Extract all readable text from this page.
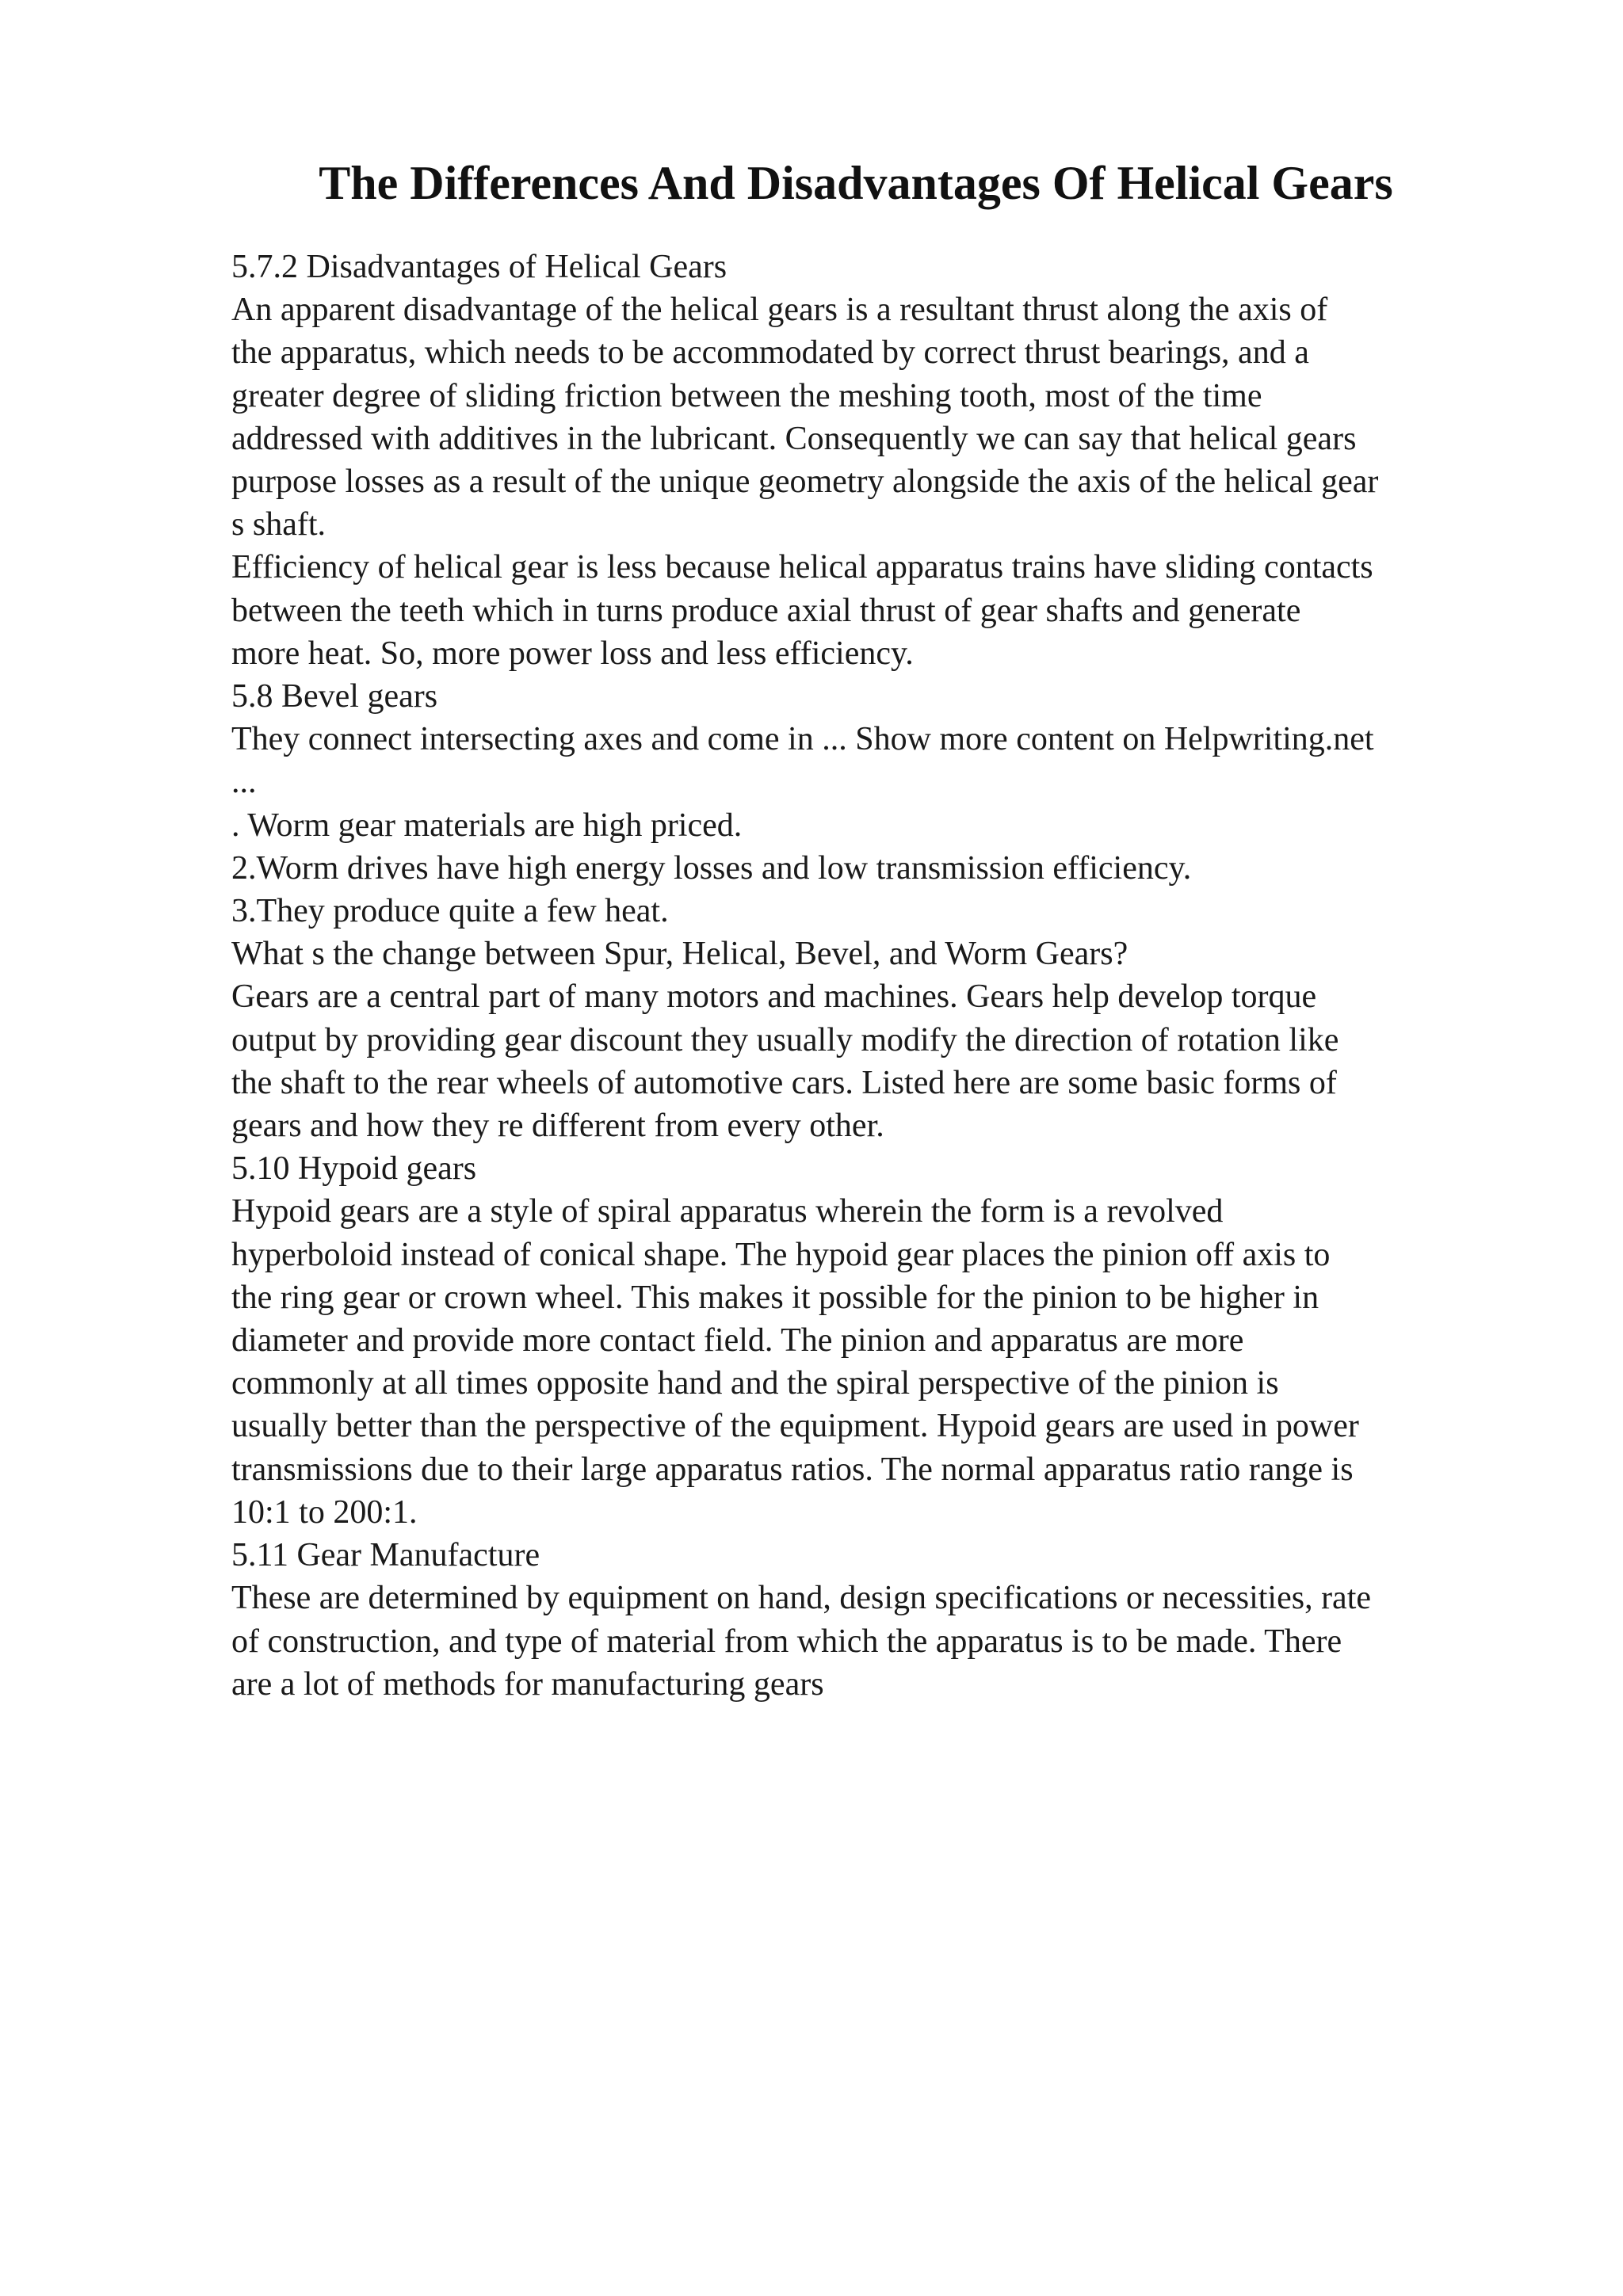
The Differences And Disadvantages Of Helical Gears
5.7.2 Disadvantages of Helical Gears
An apparent disadvantage of the helical gears is a resultant thrust along the axis of
the apparatus, which needs to be accommodated by correct thrust bearings, and a
greater degree of sliding friction between the meshing tooth, most of the time
addressed with additives in the lubricant. Consequently we can say that helical gears
purpose losses as a result of the unique geometry alongside the axis of the helical gear
s shaft.
Efficiency of helical gear is less because helical apparatus trains have sliding contacts
between the teeth which in turns produce axial thrust of gear shafts and generate
more heat. So, more power loss and less efficiency.
5.8 Bevel gears
They connect intersecting axes and come in ... Show more content on Helpwriting.net
...
. Worm gear materials are high priced.
2.Worm drives have high energy losses and low transmission efficiency.
3.They produce quite a few heat.
What s the change between Spur, Helical, Bevel, and Worm Gears?
Gears are a central part of many motors and machines. Gears help develop torque
output by providing gear discount they usually modify the direction of rotation like
the shaft to the rear wheels of automotive cars. Listed here are some basic forms of
gears and how they re different from every other.
5.10 Hypoid gears
Hypoid gears are a style of spiral apparatus wherein the form is a revolved
hyperboloid instead of conical shape. The hypoid gear places the pinion off axis to
the ring gear or crown wheel. This makes it possible for the pinion to be higher in
diameter and provide more contact field. The pinion and apparatus are more
commonly at all times opposite hand and the spiral perspective of the pinion is
usually better than the perspective of the equipment. Hypoid gears are used in power
transmissions due to their large apparatus ratios. The normal apparatus ratio range is
10:1 to 200:1.
5.11 Gear Manufacture
These are determined by equipment on hand, design specifications or necessities, rate
of construction, and type of material from which the apparatus is to be made. There
are a lot of methods for manufacturing gears
